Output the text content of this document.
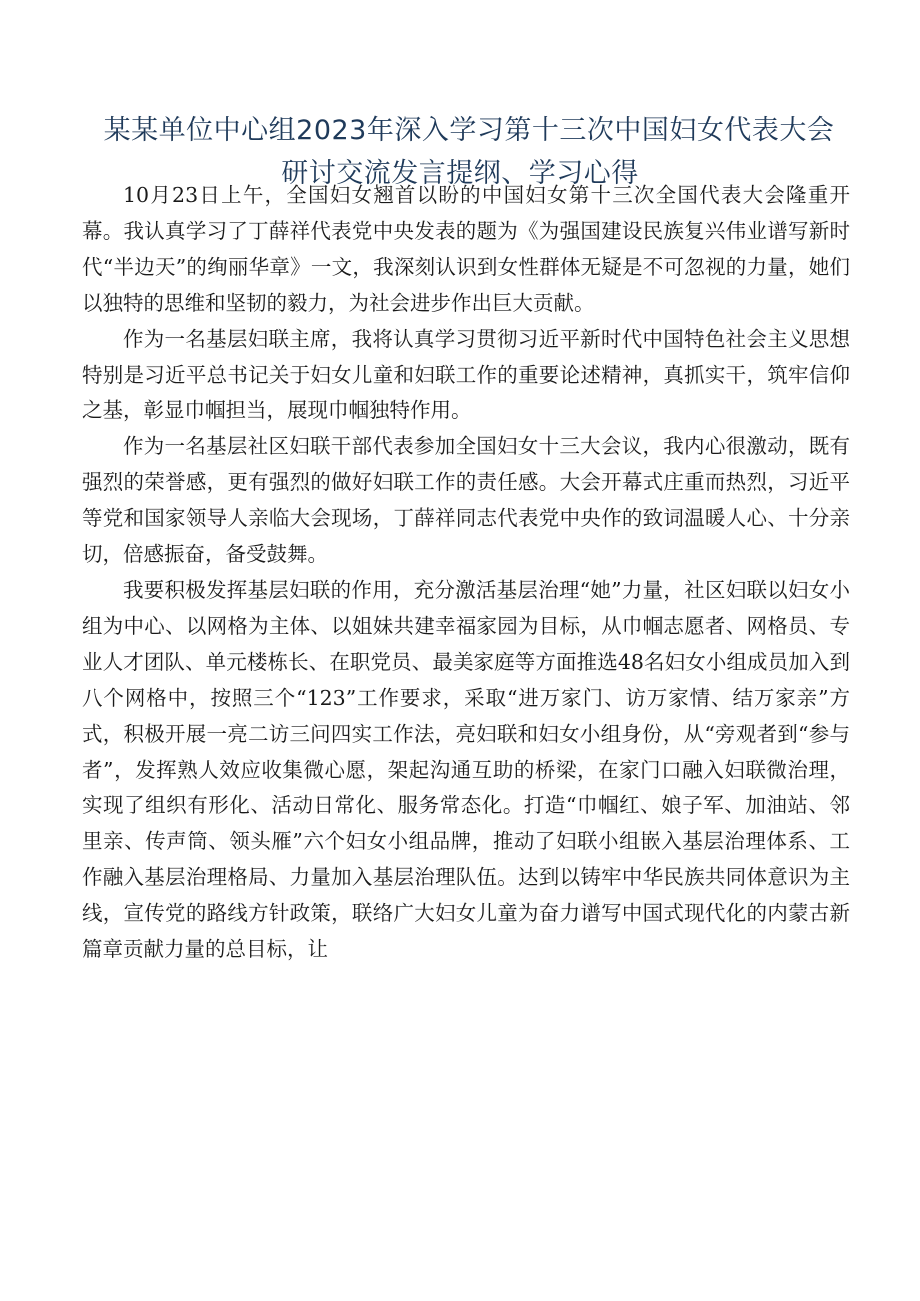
某某单位中心组2023年深入学习第十三次中国妇女代表大会
研讨交流发言提纲、学习心得

10月23日上午，全国妇女翘首以盼的中国妇女第十三次全国代表大会隆重开幕。我认真学习了丁薛祥代表党中央发表的题为《为强国建设民族复兴伟业谱写新时代“半边天”的绚丽华章》一文，我深刻认识到女性群体无疑是不可忽视的力量，她们以独特的思维和坚韧的毅力，为社会进步作出巨大贡献。

作为一名基层妇联主席，我将认真学习贯彻习近平新时代中国特色社会主义思想特别是习近平总书记关于妇女儿童和妇联工作的重要论述精神，真抓实干，筑牢信仰之基，彰显巾帼担当，展现巾帼独特作用。

作为一名基层社区妇联干部代表参加全国妇女十三大会议，我内心很激动，既有强烈的荣誉感，更有强烈的做好妇联工作的责任感。大会开幕式庄重而热烈，习近平等党和国家领导人亲临大会现场，丁薛祥同志代表党中央作的致词温暖人心、十分亲切，倍感振奋，备受鼓舞。

我要积极发挥基层妇联的作用，充分激活基层治理“她”力量，社区妇联以妇女小组为中心、以网格为主体、以姐妹共建幸福家园为目标，从巾帼志愿者、网格员、专业人才团队、单元楼栋长、在职党员、最美家庭等方面推选48名妇女小组成员加入到八个网格中，按照三个“123”工作要求，采取“进万家门、访万家情、结万家亲”方式，积极开展一亮二访三问四实工作法，亮妇联和妇女小组身份，从“旁观者到“参与者”，发挥熟人效应收集微心愿，架起沟通互助的桥梁，在家门口融入妇联微治理，实现了组织有形化、活动日常化、服务常态化。打造“巾帼红、娘子军、加油站、邻里亲、传声筒、领头雁”六个妇女小组品牌，推动了妇联小组嵌入基层治理体系、工作融入基层治理格局、力量加入基层治理队伍。达到以铸牢中华民族共同体意识为主线，宣传党的路线方针政策，联络广大妇女儿童为奋力谱写中国式现代化的内蒙古新篇章贡献力量的总目标，让
